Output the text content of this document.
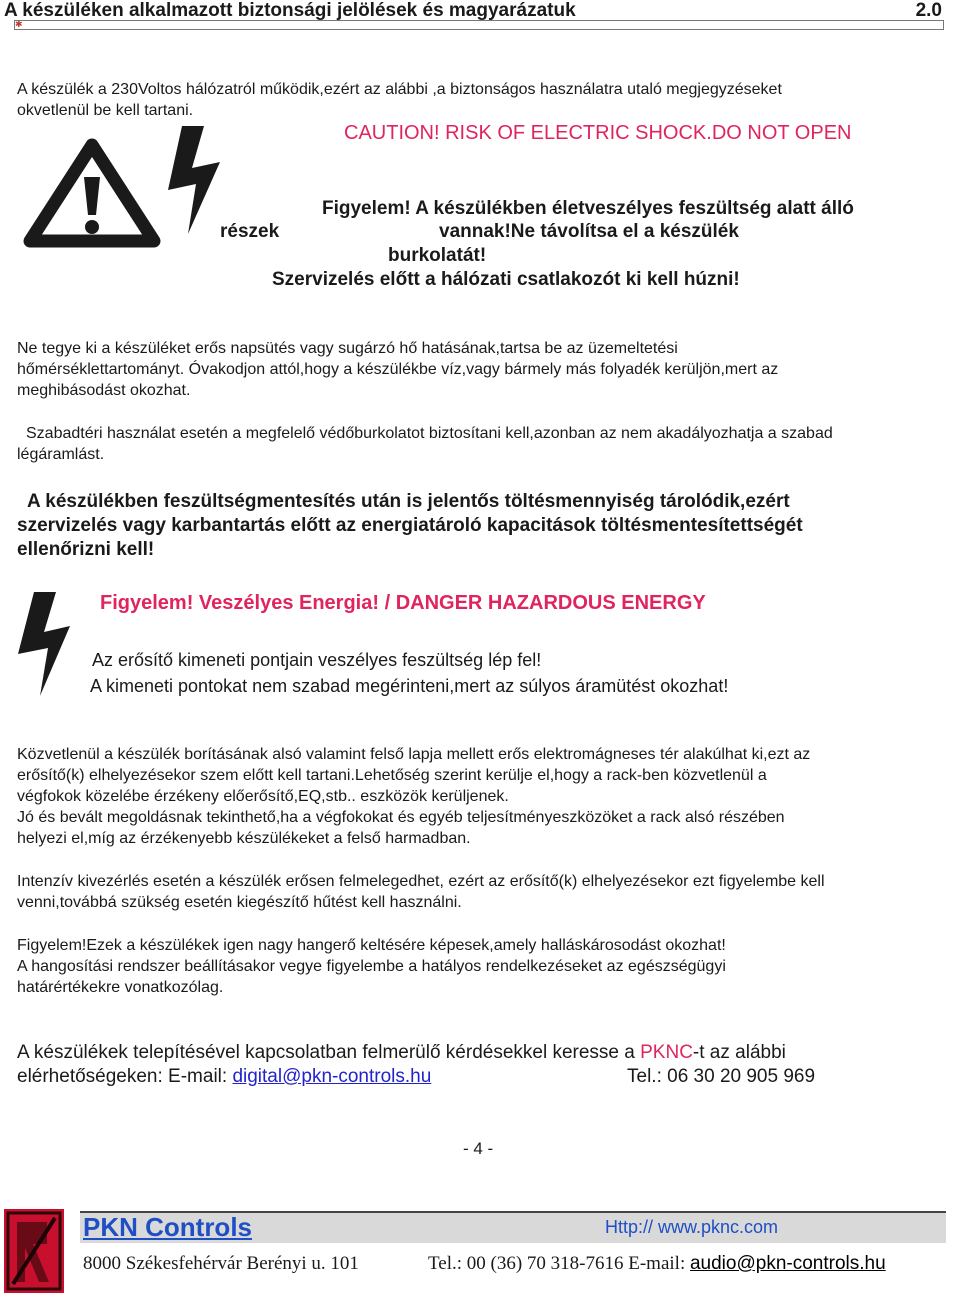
A készüléken alkalmazott biztonsági jelölések és magyarázatuk	2.0
✱
A készülék a 230Voltos hálózatról működik,ezért az alábbi ,a biztonságos használatra utaló megjegyzéseket
okvetlenül be kell tartani.
CAUTION! RISK OF ELECTRIC SHOCK.DO NOT OPEN
Figyelem! A készülékben életveszélyes feszültség alatt álló
részek	vannak!Ne távolítsa el a készülék
burkolatát!
Szervizelés előtt a hálózati csatlakozót ki kell húzni!
Ne tegye ki a készüléket erős napsütés vagy sugárzó hő hatásának,tartsa be az üzemeltetési
hőmérséklettartományt. Óvakodjon attól,hogy a készülékbe víz,vagy bármely más folyadék kerüljön,mert az
meghibásodást okozhat.
Szabadtéri használat esetén a megfelelő védőburkolatot biztosítani kell,azonban az nem akadályozhatja a szabad
légáramlást.
A készülékben feszültségmentesítés után is jelentős töltésmennyiség tárolódik,ezért
szervizelés vagy karbantartás előtt az energiatároló kapacitások töltésmentesítettségét
ellenőrizni kell!
Figyelem! Veszélyes Energia! / DANGER HAZARDOUS ENERGY
Az erősítő kimeneti pontjain veszélyes feszültség lép fel!
A kimeneti pontokat nem szabad megérinteni,mert az súlyos áramütést okozhat!
Közvetlenül a készülék borításának alsó valamint felső lapja mellett erős elektromágneses tér alakúlhat ki,ezt az
erősítő(k) elhelyezésekor szem előtt kell tartani.Lehetőség szerint kerülje el,hogy a rack-ben közvetlenül a
végfokok közelébe érzékeny előerősítő,EQ,stb.. eszközök kerüljenek.
Jó és bevált megoldásnak tekinthető,ha a végfokokat és egyéb teljesítményeszközöket a rack alsó részében
helyezi el,míg az érzékenyebb készülékeket a felső harmadban.
Intenzív kivezérlés esetén a készülék erősen felmelegedhet, ezért az erősítő(k) elhelyezésekor ezt figyelembe kell
venni,továbbá szükség esetén kiegészítő hűtést kell használni.
Figyelem!Ezek a készülékek igen nagy hangerő keltésére képesek,amely halláskárosodást okozhat!
A hangosítási rendszer beállításakor vegye figyelembe a hatályos rendelkezéseket az egészségügyi
határértékekre vonatkozólag.
A készülékek telepítésével kapcsolatban felmerülő kérdésekkel keresse a PKNC-t az alábbi
elérhetőségeken: E-mail: digital@pkn-controls.hu	Tel.: 06 30 20 905 969
- 4 -
PKN Controls	Http:// www.pknc.com
8000 Székesfehérvár Berényi u. 101	Tel.: 00 (36) 70 318-7616 E-mail: audio@pkn-controls.hu
